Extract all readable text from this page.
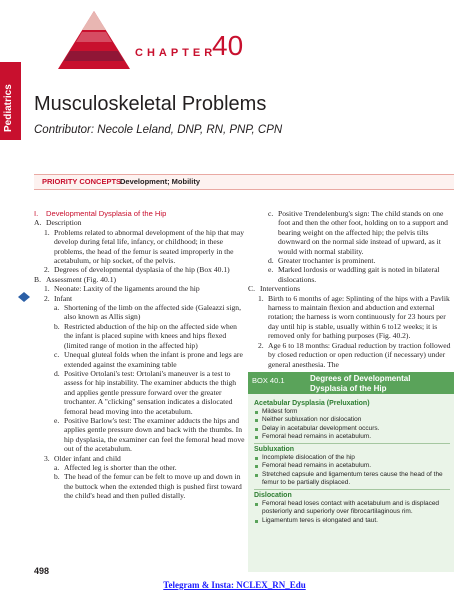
Pediatrics
CHAPTER
40
Musculoskeletal Problems
Contributor: Necole Leland, DNP, RN, PNP, CPN
PRIORITY CONCEPTS
Development; Mobility
I.	Developmental Dysplasia of the Hip
A. Description
1. Problems related to abnormal development of the hip that may develop during fetal life, infancy, or childhood; in these problems, the head of the femur is seated improperly in the acetabulum, or hip socket, of the pelvis.
2. Degrees of developmental dysplasia of the hip (Box 40.1)
B. Assessment (Fig. 40.1)
1. Neonate: Laxity of the ligaments around the hip
2. Infant
a. Shortening of the limb on the affected side (Galeazzi sign, also known as Allis sign)
b. Restricted abduction of the hip on the affected side when the infant is placed supine with knees and hips flexed (limited range of motion in the affected hip)
c. Unequal gluteal folds when the infant is prone and legs are extended against the examining table
d. Positive Ortolani's test: Ortolani's maneuver is a test to assess for hip instability. The examiner abducts the thigh and applies gentle pressure forward over the greater trochanter. A "clicking" sensation indicates a dislocated femoral head moving into the acetabulum.
e. Positive Barlow's test: The examiner adducts the hips and applies gentle pressure down and back with the thumbs. In hip dysplasia, the examiner can feel the femoral head move out of the acetabulum.
3. Older infant and child
a. Affected leg is shorter than the other.
b. The head of the femur can be felt to move up and down in the buttock when the extended thigh is pushed first toward the child's head and then pulled distally.
c. Positive Trendelenburg's sign: The child stands on one foot and then the other foot, holding on to a support and bearing weight on the affected hip; the pelvis tilts downward on the normal side instead of upward, as it would with normal stability.
d. Greater trochanter is prominent.
e. Marked lordosis or waddling gait is noted in bilateral dislocations.
C. Interventions
1. Birth to 6 months of age: Splinting of the hips with a Pavlik harness to maintain flexion and abduction and external rotation; the harness is worn continuously for 23 hours per day until hip is stable, usually within 6 to12 weeks; it is removed only for bathing purposes (Fig. 40.2).
2. Age 6 to 18 months: Gradual reduction by traction followed by closed reduction or open reduction (if necessary) under general anesthesia. The
BOX 40.1	Degrees of Developmental Dysplasia of the Hip
Acetabular Dysplasia (Preluxation)
Mildest form
Neither subluxation nor dislocation
Delay in acetabular development occurs.
Femoral head remains in acetabulum.
Subluxation
Incomplete dislocation of the hip
Femoral head remains in acetabulum.
Stretched capsule and ligamentum teres cause the head of the femur to be partially displaced.
Dislocation
Femoral head loses contact with acetabulum and is displaced posteriorly and superiorly over fibrocartilaginous rim.
Ligamentum teres is elongated and taut.
498
Telegram & Insta: NCLEX_RN_Edu
